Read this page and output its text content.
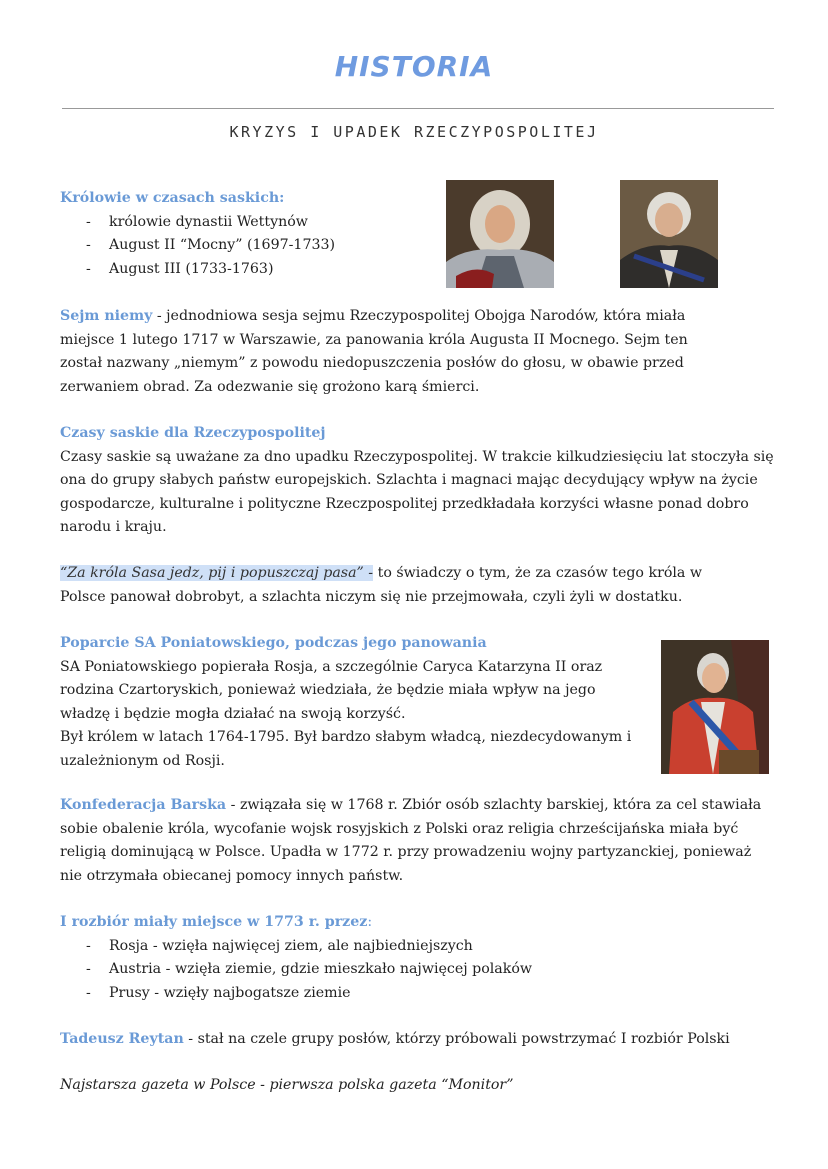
HISTORIA
KRYZYS I UPADEK RZECZYPOSPOLITEJ
Królowie w czasach saskich:
- królowie dynastii Wettynów
- August II “Mocny” (1697-1733)
- August III (1733-1763)
Sejm niemy - jednodniowa sesja sejmu Rzeczypospolitej Obojga Narodów, która miała miejsce 1 lutego 1717 w Warszawie, za panowania króla Augusta II Mocnego. Sejm ten został nazwany „niemym” z powodu niedopuszczenia posłów do głosu, w obawie przed zerwaniem obrad. Za odezwanie się grożono karą śmierci.
Czasy saskie dla Rzeczypospolitej
Czasy saskie są uważane za dno upadku Rzeczypospolitej. W trakcie kilkudziesięciu lat stoczyła się ona do grupy słabych państw europejskich. Szlachta i magnaci mając decydujący wpływ na życie gospodarcze, kulturalne i polityczne Rzeczpospolitej przedkładała korzyści własne ponad dobro narodu i kraju.
“Za króla Sasa jedz, pij i popuszczaj pasa” - to świadczy o tym, że za czasów tego króla w Polsce panował dobrobyt, a szlachta niczym się nie przejmowała, czyli żyli w dostatku.
Poparcie SA Poniatowskiego, podczas jego panowania
SA Poniatowskiego popierała Rosja, a szczególnie Caryca Katarzyna II oraz rodzina Czartoryskich, ponieważ wiedziała, że będzie miała wpływ na jego władzę i będzie mogła działać na swoją korzyść.
Był królem w latach 1764-1795. Był bardzo słabym władcą, niezdecydowanym i uzależnionym od Rosji.
Konfederacja Barska - związała się w 1768 r. Zbiór osób szlachty barskiej, która za cel stawiała sobie obalenie króla, wycofanie wojsk rosyjskich z Polski oraz religia chrześcijańska miała być religią dominującą w Polsce. Upadła w 1772 r. przy prowadzeniu wojny partyzanckiej, ponieważ nie otrzymała obiecanej pomocy innych państw.
I rozbiór miały miejsce w 1773 r. przez:
- Rosja - wzięła najwięcej ziem, ale najbiedniejszych
- Austria - wzięła ziemie, gdzie mieszkało najwięcej polaków
- Prusy - wzięły najbogatsze ziemie
Tadeusz Reytan - stał na czele grupy posłów, którzy próbowali powstrzymać I rozbiór Polski
Najstarsza gazeta w Polsce - pierwsza polska gazeta “Monitor”
